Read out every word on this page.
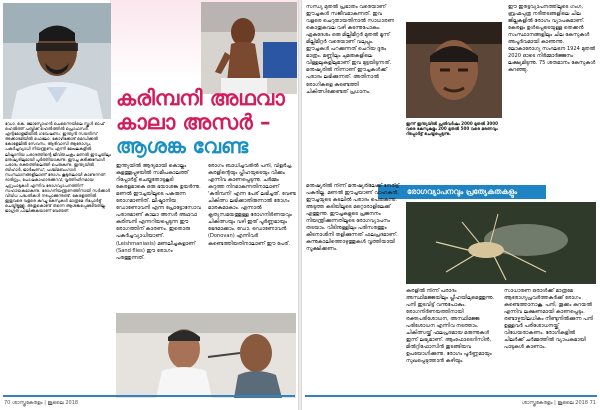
ഡോ. കെ. ജോസ്മോഹൻ ചെന്നൈയിലെ സ്കൂൾ ഓഫ് ഹെൽത്ത് പബ്ലിക് ഹെൽത്തിൽ പ്രൊഫസർ. എന്റമോളജിയിൽ ഗവേഷണം. ഇന്ത്യൻ സയൻസ് അക്കാദമിയിൽ ഫെലോ. കോഴിക്കോട് മെഡിക്കൽ കോളേജിൽ സേവനം. ആദിവാസി ആരോഗ്യം, പകർച്ചവ്യാധി നിയന്ത്രണം എന്നീ മേഖലകളിൽ

ലീഷ്മാനിയ പരാദത്തിന്റെ ജീവിതചക്രം മണൽ ഈച്ചയിലും മനുഷ്യരിലുമായി പൂർത്തിയാകുന്നു. ഈച്ച കടിക്കുമ്പോൾ പരാദം രക്തത്തിലെത്തി പെരുകുന്നു. ഇന്ത്യയിൽ ബീഹാർ, ജാർഖണ്ഡ്, പശ്ചിമബംഗാൾ സംസ്ഥാനങ്ങളിലാണ് രോഗം കൂടുതലായി കാണുന്നത്. ദാരിദ്ര്യം, പോഷകാഹാരക്കുറവ്, വൃത്തിഹീനമായ ചുറ്റുപാടുകൾ എന്നിവ രോഗവ്യാപനത്തിന് സഹായകമാകുന്നു. രോഗനിയന്ത്രണത്തിനായി സർക്കാർ വിവിധ പദ്ധതികൾ നടപ്പാക്കുന്നുണ്ട്. കേരളത്തിൽ ഇതുവരെ വളരെ കുറച്ചു കേസുകൾ മാത്രമേ റിപ്പോർട്ട് ചെയ്തിട്ടുള്ളൂ. അതുകൊണ്ട് തന്നെ ആശങ്കപ്പെടേണ്ടതില്ല. ജാഗ്രത പാലിക്കുകയാണ് വേണ്ടത്.

കരിമ്പനി അഥവാ
കാലാ അസർ –
ആശങ്ക വേണ്ട

ഇന്ത്യയിൽ ആദ്യമായി കൊല്ലം കുളത്തൂപ്പുഴയിൽ സമീപകാലത്ത് റിപ്പോർട്ട് ചെയ്തതോടുകൂടി കേരളമാകെ ഒരു ഭയാശങ്ക ഉയർന്നു. മണൽ ഈച്ചയിലൂടെ പകരുന്ന രോഗമാണിത്. ലീഷ്മാനിയ ഡോണോവനി എന്ന പ്രോട്ടോസോവ പരാദമാണ് കാലാ അസർ അഥവാ കരിമ്പനി എന്നറിയപ്പെടുന്ന ഈ രോഗത്തിന് കാരണം. ഇതൊരു പകർച്ചവ്യാധിയാണ്. (Leishmaniasis) മണലീച്ചകളാണ് (Sand flies) ഈ രോഗം പരത്തുന്നത്.

രോഗം ബാധിച്ചവരിൽ പനി, വിളർച്ച, കരളിന്റെയും പ്ലീഹയുടെയും വീക്കം എന്നിവ കാണപ്പെടുന്നു. ചർമ്മം കറുത്ത നിറമാകുന്നതിനാലാണ് 'കരിമ്പനി' എന്ന പേര് ലഭിച്ചത്. വേണ്ട ചികിത്സ ലഭിക്കാതിരുന്നാൽ രോഗം മാരകമാകാം. എന്നാൽ കൃത്യസമയത്തുള്ള രോഗനിർണയവും ചികിത്സയും വഴി ഇത് പൂർണ്ണമായും ഭേദമാക്കാം. ഡോ. ഡൊണോവൻ (Donovan) എന്നിവർ കണ്ടെത്തിയതിനാലാണ് ഈ പേര്.

70 ശാസ്ത്രകേരളം | ജൂലൈ 2018

സന്ധ്യ മുതൽ പ്രഭാതം വരെയാണ് ഈച്ചകൾ സജീവമാകുന്നത്. ഇവ വളരെ ചെറുതായതിനാൽ സാധാരണ കൊതുകുവല വഴി കടന്നുപോകും. ഏകദേശം ഒരു മില്ലിമീറ്റർ മുതൽ മൂന്ന് മില്ലിമീറ്റർ വരെയാണ് വലുപ്പം. ഈച്ചകൾ പറക്കുന്നത് ചെറിയ ദൂരം മാത്രം. മണ്ണിലും ചുമരുകളിലെ വിള്ളലുകളിലുമാണ് ഇവ മുട്ടയിടുന്നത്. മനുഷ്യരിൽ നിന്നാണ് ഈച്ചകൾക്ക് പരാദം ലഭിക്കുന്നത്. അതിനാൽ രോഗികളെ കണ്ടെത്തി ചികിത്സിക്കേണ്ടത് പ്രധാനം.

ഇന്ന് ഇന്ത്യയിൽ പ്രതിവർഷം 2000 മുതൽ 3000 വരെ കേസുകളും 200 മുതൽ 500 വരെ മരണവും റിപ്പോർട്ട് ചെയ്യപ്പെടുന്നു.

ഈ ഇരട്ടവ്യാപനത്തിലൂടെ ഗംഗ, ബ്രഹ്മപുത്ര നദീതടങ്ങളിലെ ചില ജില്ലകളിൽ രോഗം വ്യാപകമാണ്. കേരളം ഉൾപ്പെടെയുള്ള തെക്കൻ സംസ്ഥാനങ്ങളിലും ചില കേസുകൾ അപൂർവമായി കാണുന്നു. ലോകാരോഗ്യ സംഘടന 1924 മുതൽ 2020 ഓടെ നിർമ്മാർജ്ജനം ലക്ഷ്യമിടുന്നു. 75 ശതമാനം കേസുകൾ കുറഞ്ഞു.

രോഗവ്യാപനവും പ്രത്യേകതകളും

മനുഷ്യരിൽ നിന്ന് മനുഷ്യരിലേക്ക് നേരിട്ട് പകരില്ല. മണൽ ഈച്ചയാണ് വാഹകൻ. ഈച്ചയുടെ കുടലിൽ പരാദം പെരുകുന്നു. അടുത്ത കടിയിലൂടെ മറ്റൊരാളിലേക്ക് എത്തുന്നു. ഈച്ചകളുടെ പ്രജനനം നിയന്ത്രിക്കുന്നതിലൂടെ രോഗവ്യാപനം തടയാം. വീടിനുള്ളിലും പരിസരത്തും കീടനാശിനി തളിക്കുന്നത് ഫലപ്രദമാണ്. കന്നുകാലിത്തൊഴുത്തുകൾ വൃത്തിയായി സൂക്ഷിക്കണം.

കരളിൽ നിന്ന് പരാദം അസ്ഥിമജ്ജയിലും പ്ലീഹയിലുമെത്തുന്നു. പനി ഇടവിട്ട് വന്നുപോകും. രോഗനിർണയത്തിനായി രക്തപരിശോധന, അസ്ഥിമജ്ജ പരിശോധന എന്നിവ നടത്താം. ചികിത്സയ്ക്ക് ഫലപ്രദമായ മരുന്നുകൾ ഇന്ന് ലഭ്യമാണ്. ആംഫോടെറിസിൻ, മിൽറ്റിഫോസിൻ തുടങ്ങിയവ ഉപയോഗിക്കുന്നു. രോഗം പൂർണ്ണമായും സുഖപ്പെടുത്താൻ കഴിയും.

സാധാരണ ഒരാൾക്ക് മാത്രമേ ആരോഗ്യപ്രവർത്തകർക്ക് രോഗം കണ്ടെത്താനാകൂ. പനി, തൂക്കം കുറയൽ എന്നിവ ലക്ഷണമായി കാണപ്പെടും. രണ്ടാഴ്ചയിലധികം നീണ്ടുനിൽക്കുന്ന പനി ഉള്ളവർ പരിശോധനയ്ക്ക് വിധേയരാകണം. രോഗികളിൽ ചിലർക്ക് ചർമ്മത്തിൽ വ്യാപകമായി പാടുകൾ കാണാം.

ശാസ്ത്രകേരളം | ജൂലൈ 2018 71
